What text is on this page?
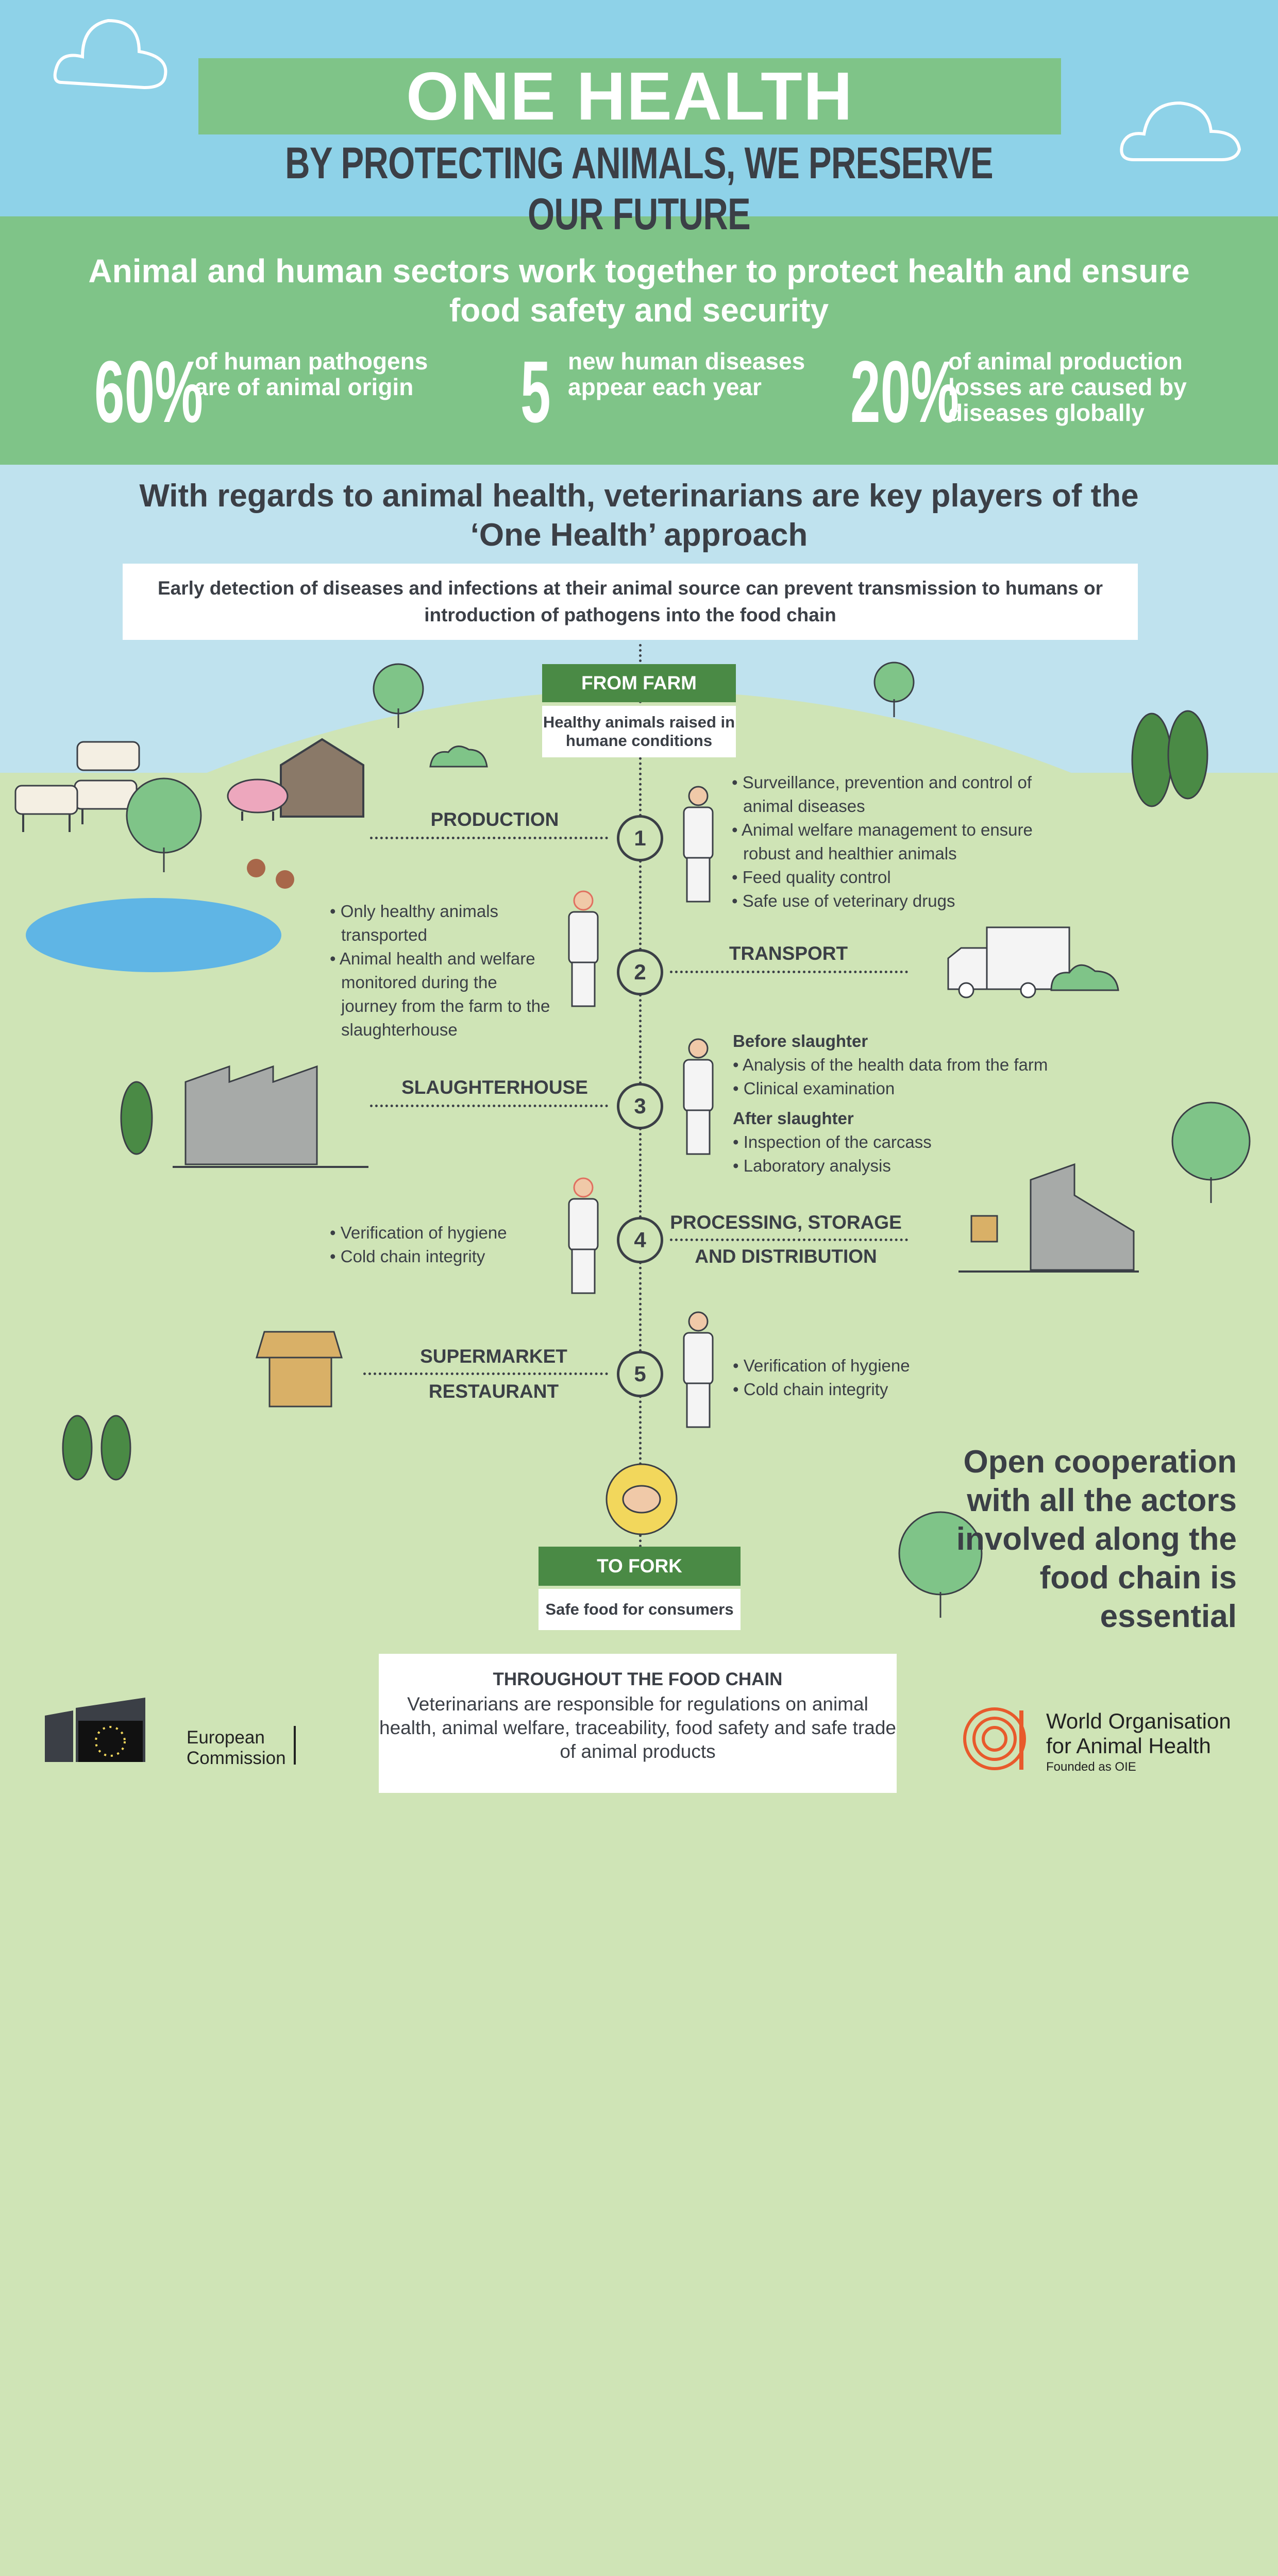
ONE HEALTH
BY PROTECTING ANIMALS, WE PRESERVE OUR FUTURE
Animal and human sectors work together to protect health and ensure food safety and security
60%
of human pathogens are of animal origin	5 new human diseases appear each year	20%
of animal production losses are caused by diseases globally
With regards to animal health, veterinarians are key players of the ‘One Health’ approach
Early detection of diseases and infections at their animal source can prevent transmission to humans or introduction of pathogens into the food chain
FROM FARM
Healthy animals raised in humane conditions
PRODUCTION
1
• Surveillance, prevention and control of animal diseases
• Animal welfare management to ensure robust and healthier animals
• Feed quality control
• Safe use of veterinary drugs
• Only healthy animals transported
• Animal health and welfare monitored during the journey from the farm to the slaughterhouse
2
TRANSPORT
SLAUGHTERHOUSE
3
Before slaughter
• Analysis of the health data from the farm
• Clinical examination
After slaughter
• Inspection of the carcass
• Laboratory analysis
• Verification of hygiene
• Cold chain integrity
4
PROCESSING, STORAGE
AND DISTRIBUTION
SUPERMARKET
RESTAURANT
5	• Verification of hygiene
• Cold chain integrity
TO FORK
Safe food for consumers
Open cooperation with all the actors involved along the food chain is essential
THROUGHOUT THE FOOD CHAIN
Veterinarians are responsible for regulations on animal health, animal welfare, traceability, food safety and safe trade of animal products
European
Commission
World Organisation
for Animal Health
Founded as OIE
